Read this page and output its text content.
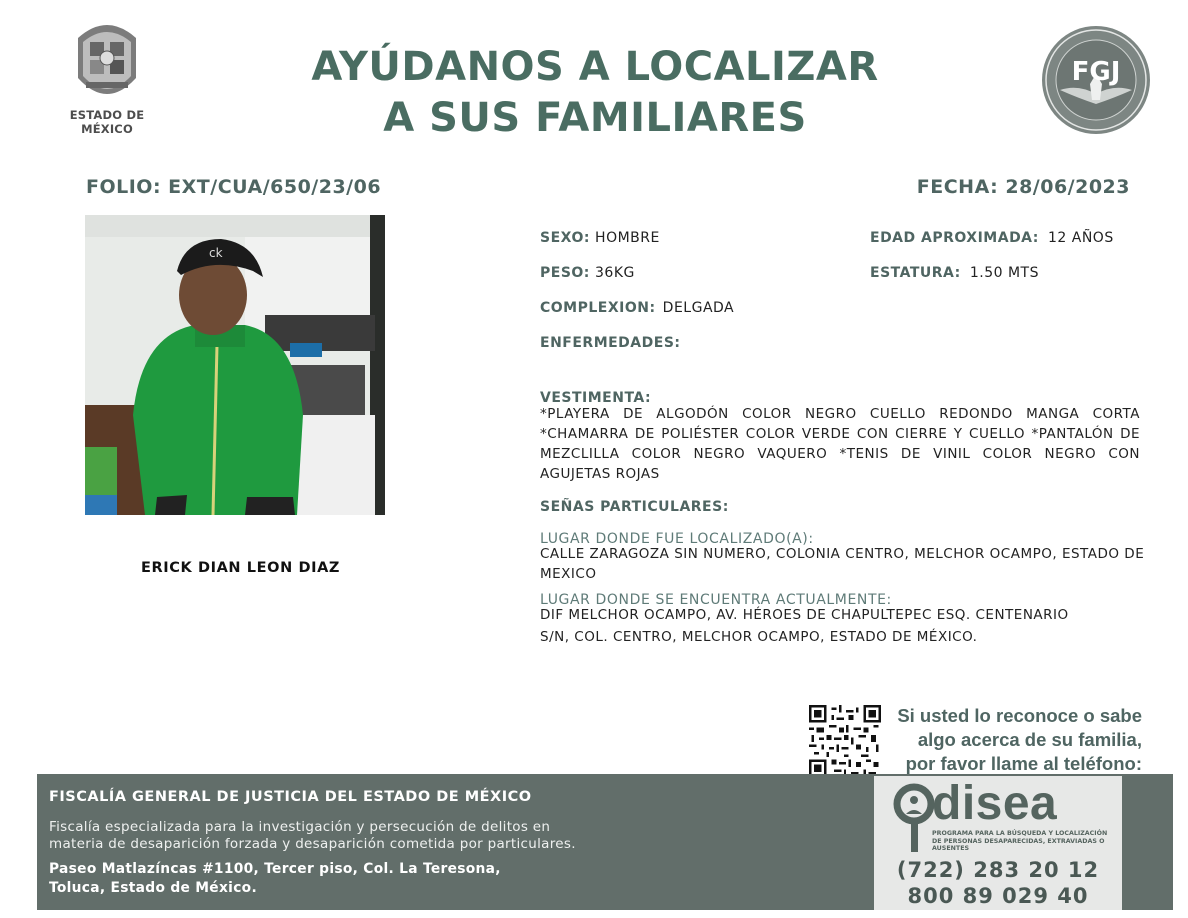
ESTADO DE MÉXICO
AYÚDANOS A LOCALIZAR
A SUS FAMILIARES
FGJ
FOLIO: EXT/CUA/650/23/06	FECHA: 28/06/2023
ck
ERICK DIAN LEON DIAZ
SEXO: HOMBRE	EDAD APROXIMADA: 12 AÑOS
PESO: 36KG	ESTATURA: 1.50 MTS
COMPLEXION: DELGADA
ENFERMEDADES:
VESTIMENTA:
*PLAYERA DE ALGODÓN COLOR NEGRO CUELLO REDONDO MANGA CORTA *CHAMARRA DE POLIÉSTER COLOR VERDE CON CIERRE Y CUELLO *PANTALÓN DE MEZCLILLA COLOR NEGRO VAQUERO *TENIS DE VINIL COLOR NEGRO CON AGUJETAS ROJAS
SEÑAS PARTICULARES:
LUGAR DONDE FUE LOCALIZADO(A):
CALLE ZARAGOZA SIN NUMERO, COLONIA CENTRO, MELCHOR OCAMPO, ESTADO DE
MEXICO
LUGAR DONDE SE ENCUENTRA ACTUALMENTE:
DIF MELCHOR OCAMPO, AV. HÉROES DE CHAPULTEPEC ESQ. CENTENARIO
S/N, COL. CENTRO, MELCHOR OCAMPO, ESTADO DE MÉXICO.
Si usted lo reconoce o sabe
algo acerca de su familia,
por favor llame al teléfono:
FISCALÍA GENERAL DE JUSTICIA DEL ESTADO DE MÉXICO
Fiscalía especializada para la investigación y persecución de delitos en
materia de desaparición forzada y desaparición cometida por particulares.
Paseo Matlazíncas #1100, Tercer piso, Col. La Teresona,
Toluca, Estado de México.
disea
PROGRAMA PARA LA BÚSQUEDA Y LOCALIZACIÓN DE PERSONAS DESAPARECIDAS, EXTRAVIADAS O AUSENTES
(722) 283 20 12
800 89 029 40
